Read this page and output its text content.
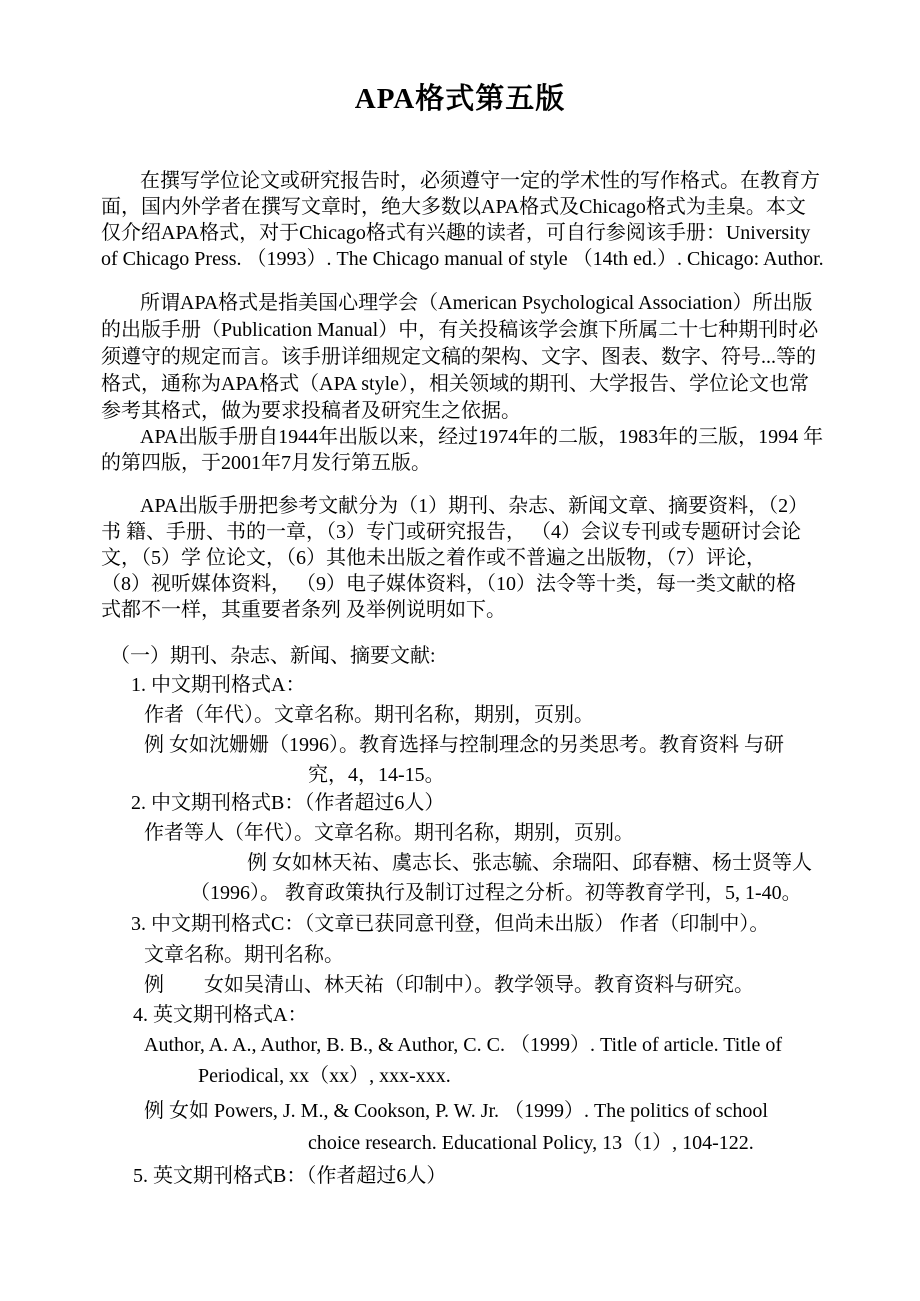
APA格式第五版
在撰写学位论文或研究报告时，必须遵守一定的学术性的写作格式。在教育方
面，国内外学者在撰写文章时，绝大多数以APA格式及Chicago格式为圭臬。本文
仅介绍APA格式，对于Chicago格式有兴趣的读者，可自行参阅该手册：University
of Chicago Press. （1993）. The Chicago manual of style （14th ed.）. Chicago: Author.
所谓APA格式是指美国心理学会（American Psychological Association）所出版
的出版手册（Publication Manual）中，有关投稿该学会旗下所属二十七种期刊时必
须遵守的规定而言。该手册详细规定文稿的架构、文字、图表、数字、符号...等的
格式，通称为APA格式（APA style），相关领域的期刊、大学报告、学位论文也常
参考其格式，做为要求投稿者及研究生之依据。
APA出版手册自1944年出版以来，经过1974年的二版，1983年的三版，1994 年
的第四版，于2001年7月发行第五版。
APA出版手册把参考文献分为（1）期刊、杂志、新闻文章、摘要资料，（2）
书 籍、手册、书的一章，（3）专门或研究报告， （4）会议专刊或专题研讨会论
文，（5）学 位论文，（6）其他未出版之着作或不普遍之出版物，（7）评论，
（8）视听媒体资料， （9）电子媒体资料，（10）法令等十类，每一类文献的格
式都不一样，其重要者条列 及举例说明如下。
（一）期刊、杂志、新闻、摘要文献:
1. 中文期刊格式A：
作者（年代）。文章名称。期刊名称，期别，页别。
例 女如沈姗姗（1996）。教育选择与控制理念的另类思考。教育资料 与研
究，4，14-15。
2. 中文期刊格式B：（作者超过6人）
作者等人（年代）。文章名称。期刊名称，期别，页别。
例 女如林天祐、虞志长、张志毓、余瑞阳、邱春糖、杨士贤等人
（1996）。 教育政策执行及制订过程之分析。初等教育学刊，5, 1-40。
3. 中文期刊格式C：（文章已获同意刊登，但尚未出版） 作者（印制中）。
文章名称。期刊名称。
例　　女如吴清山、林天祐（印制中）。教学领导。教育资料与研究。
4. 英文期刊格式A：
Author, A. A., Author, B. B., & Author, C. C. （1999）. Title of article. Title of
Periodical, xx（xx）, xxx-xxx.
例 女如 Powers, J. M., & Cookson, P. W. Jr. （1999）. The politics of school
choice research. Educational Policy, 13（1）, 104-122.
5. 英文期刊格式B：（作者超过6人）
